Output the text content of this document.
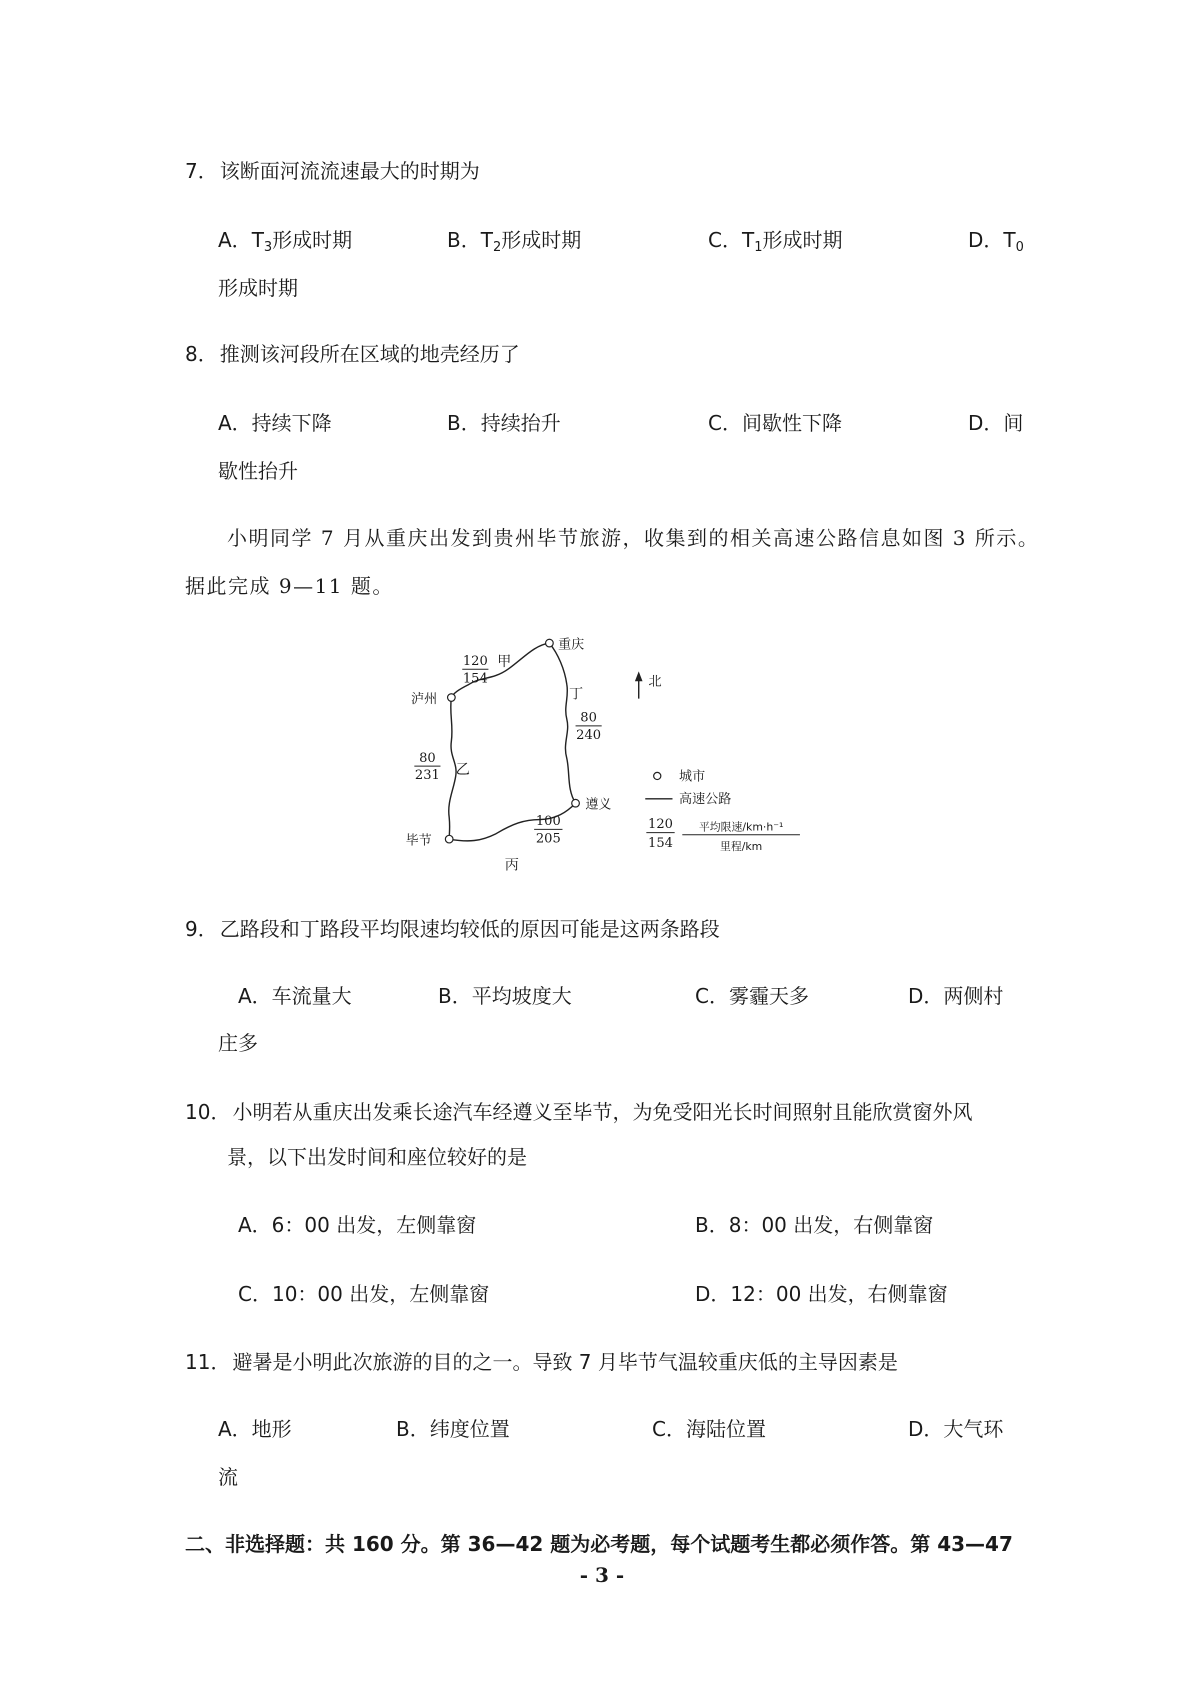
7． 该断面河流流速最大的时期为
A．$T_3$形成时期	B．$T_2$形成时期	C．$T_1$形成时期	D．$T_0$
形成时期
8． 推测该河段所在区域的地壳经历了
A．持续下降	B．持续抬升	C．间歇性下降	D．间
歇性抬升
小明同学 7 月从重庆出发到贵州毕节旅游，收集到的相关高速公路信息如图 3 所示。
据此完成 9—11 题。
重庆
泸州
遵义
毕节
甲
120
154
丁
80
240
乙
80
231
丙
100
205
北
城市
高速公路
120
154
平均限速/km·h⁻¹
里程/km
9． 乙路段和丁路段平均限速均较低的原因可能是这两条路段
A．车流量大	B．平均坡度大	C．雾霾天多	D．两侧村
庄多
10． 小明若从重庆出发乘长途汽车经遵义至毕节，为免受阳光长时间照射且能欣赏窗外风
景，以下出发时间和座位较好的是
A．6：00 出发，左侧靠窗	B．8：00 出发，右侧靠窗
C．10：00 出发，左侧靠窗	D．12：00 出发，右侧靠窗
11． 避暑是小明此次旅游的目的之一。导致 7 月毕节气温较重庆低的主导因素是
A．地形	B．纬度位置	C．海陆位置	D．大气环
流
二、非选择题：共 160 分。第 36—42 题为必考题，每个试题考生都必须作答。第 43—47
- 3 -
